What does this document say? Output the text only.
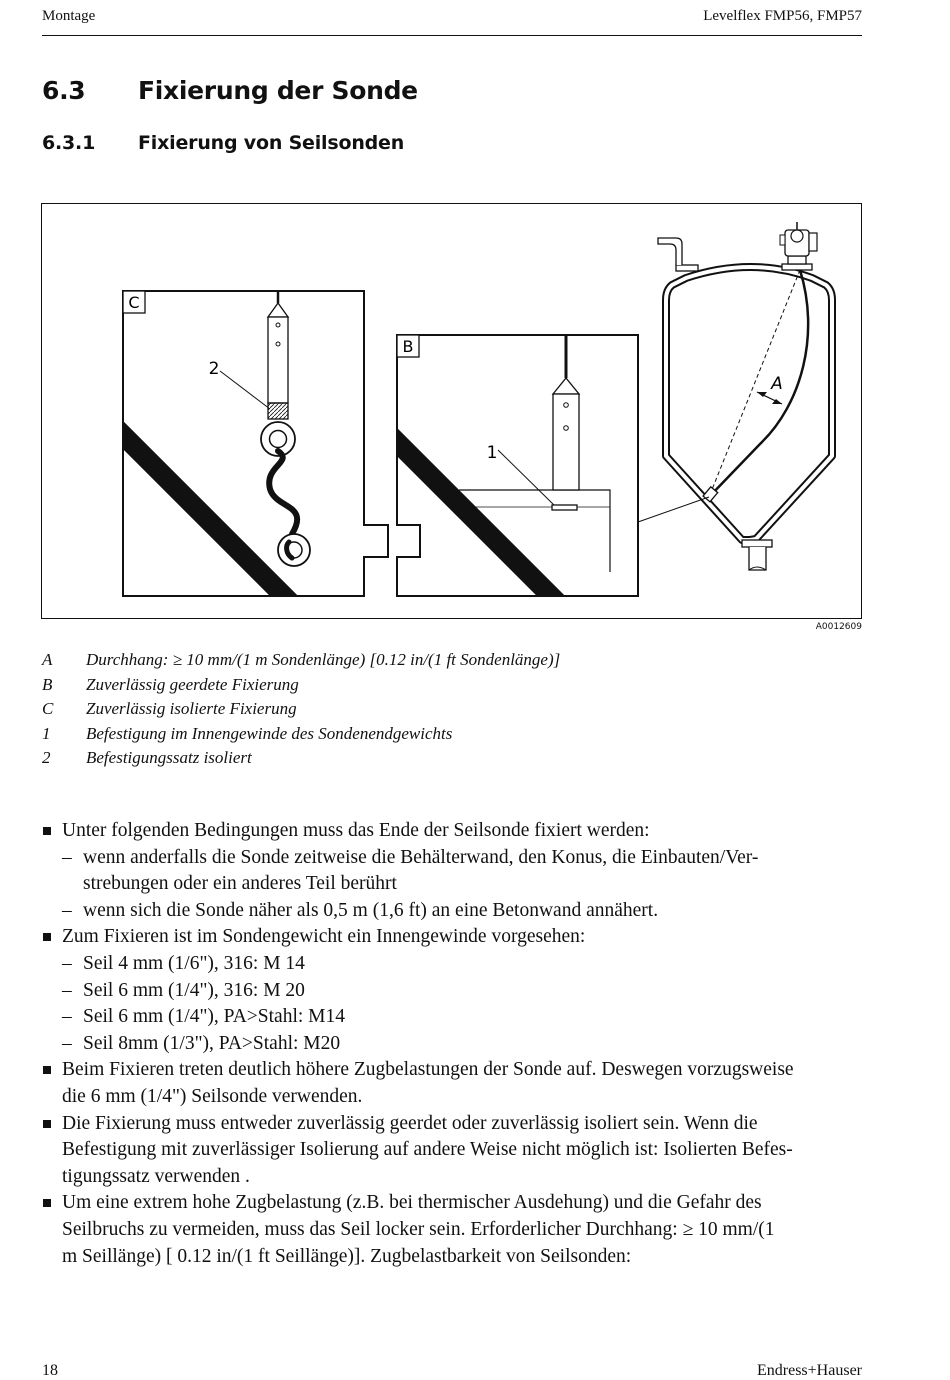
Montage	Levelflex FMP56, FMP57
6.3 Fixierung der Sonde
6.3.1 Fixierung von Seilsonden
C
2
B
1
A
A0012609
A Durchhang: ≥ 10 mm/(1 m Sondenlänge) [0.12 in/(1 ft Sondenlänge)]
B Zuverlässig geerdete Fixierung
C Zuverlässig isolierte Fixierung
1 Befestigung im Innengewinde des Sondenendgewichts
2 Befestigungssatz isoliert
Unter folgenden Bedingungen muss das Ende der Seilsonde fixiert werden:
– wenn anderfalls die Sonde zeitweise die Behälterwand, den Konus, die Einbauten/Ver-
strebungen oder ein anderes Teil berührt
– wenn sich die Sonde näher als 0,5 m (1,6 ft) an eine Betonwand annähert.
Zum Fixieren ist im Sondengewicht ein Innengewinde vorgesehen:
– Seil 4 mm (1/6"), 316: M 14
– Seil 6 mm (1/4"), 316: M 20
– Seil 6 mm (1/4"), PA>Stahl: M14
– Seil 8mm (1/3"), PA>Stahl: M20
Beim Fixieren treten deutlich höhere Zugbelastungen der Sonde auf. Deswegen vorzugsweise
die 6 mm (1/4") Seilsonde verwenden.
Die Fixierung muss entweder zuverlässig geerdet oder zuverlässig isoliert sein. Wenn die
Befestigung mit zuverlässiger Isolierung auf andere Weise nicht möglich ist: Isolierten Befes-
tigungssatz verwenden .
Um eine extrem hohe Zugbelastung (z.B. bei thermischer Ausdehung) und die Gefahr des
Seilbruchs zu vermeiden, muss das Seil locker sein. Erforderlicher Durchhang: ≥ 10 mm/(1
m Seillänge) [ 0.12 in/(1 ft Seillänge)]. Zugbelastbarkeit von Seilsonden:
18	Endress+Hauser
